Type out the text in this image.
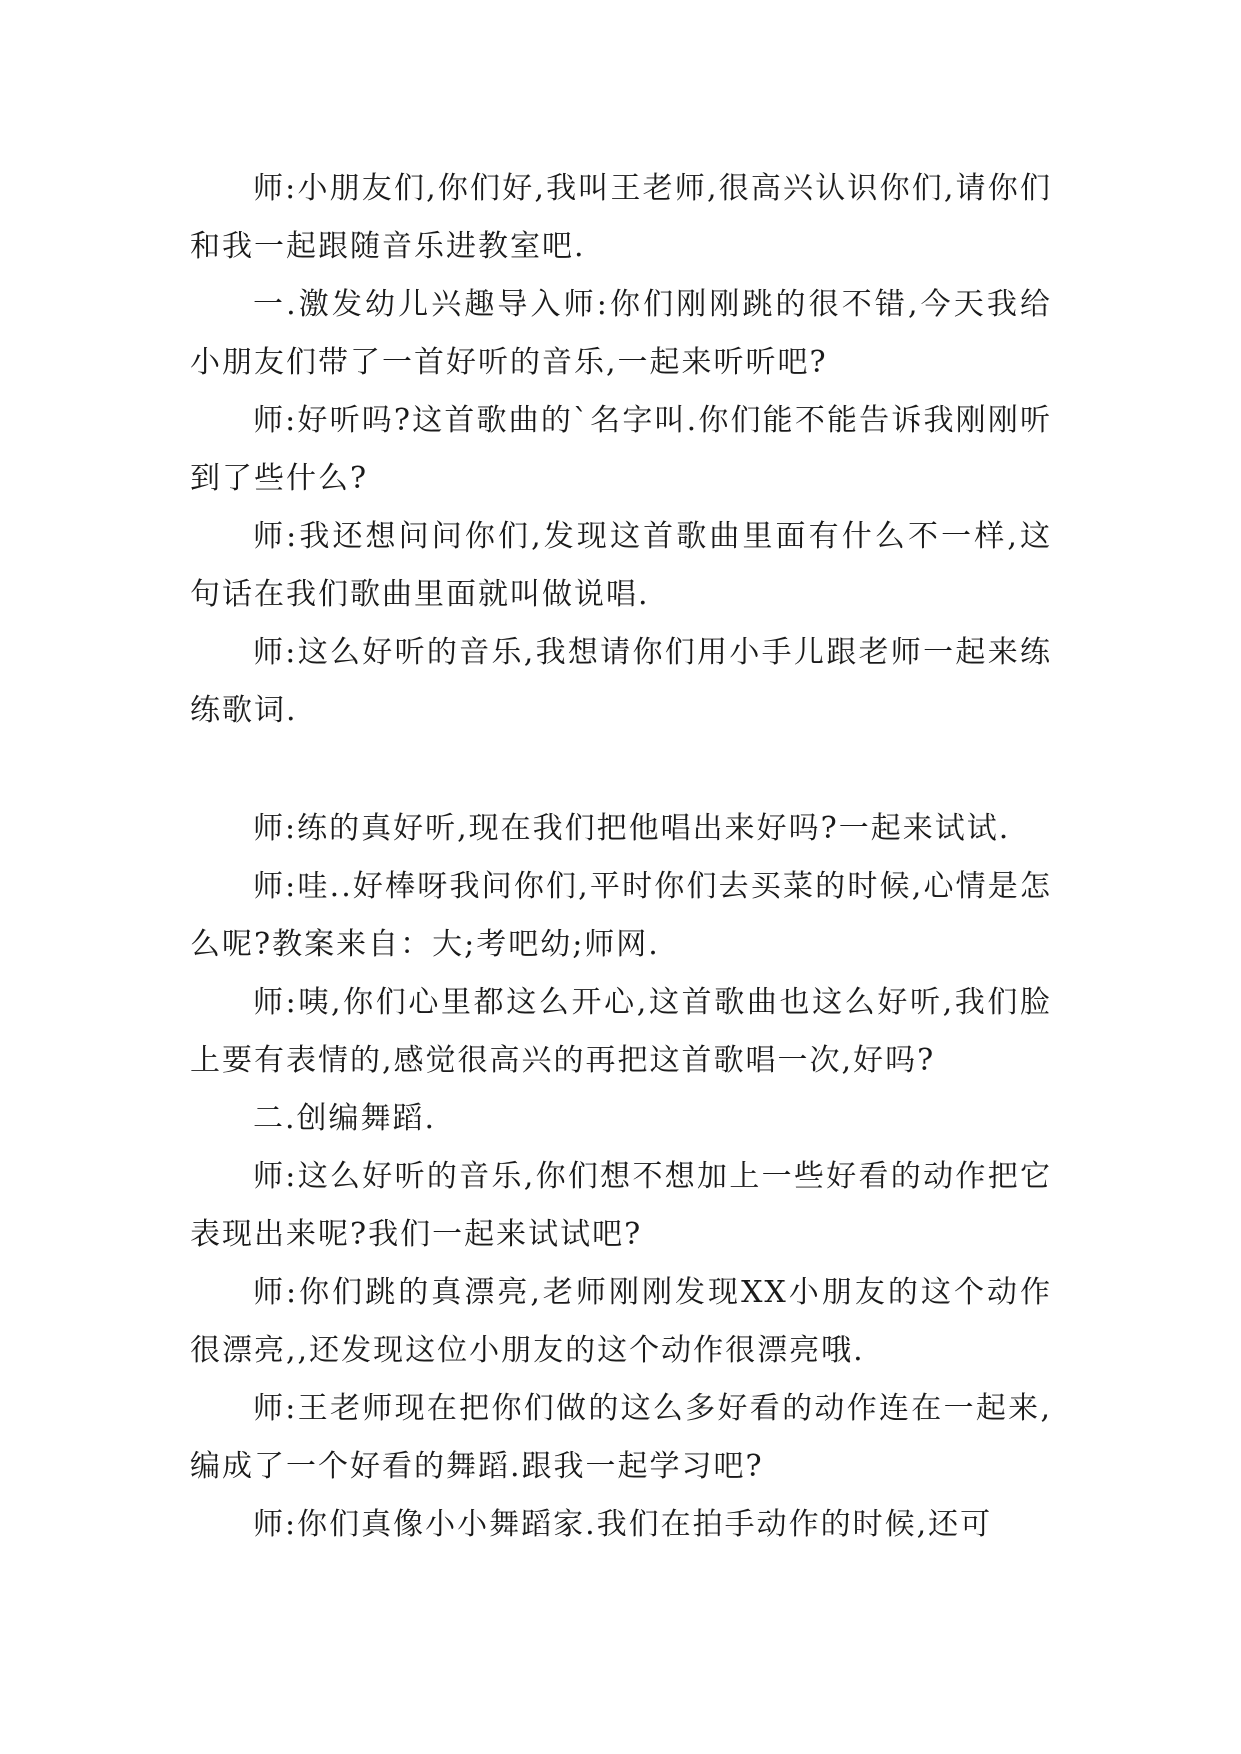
师:小朋友们,你们好,我叫王老师,很高兴认识你们,请你们和我一起跟随音乐进教室吧.

一.激发幼儿兴趣导入师:你们刚刚跳的很不错,今天我给小朋友们带了一首好听的音乐,一起来听听吧?

师:好听吗?这首歌曲的`名字叫.你们能不能告诉我刚刚听到了些什么?

师:我还想问问你们,发现这首歌曲里面有什么不一样,这句话在我们歌曲里面就叫做说唱.

师:这么好听的音乐,我想请你们用小手儿跟老师一起来练练歌词.

师:练的真好听,现在我们把他唱出来好吗?一起来试试.

师:哇..好棒呀我问你们,平时你们去买菜的时候,心情是怎么呢?教案来自：大;考吧幼;师网.

师:咦,你们心里都这么开心,这首歌曲也这么好听,我们脸上要有表情的,感觉很高兴的再把这首歌唱一次,好吗?

二.创编舞蹈.

师:这么好听的音乐,你们想不想加上一些好看的动作把它表现出来呢?我们一起来试试吧?

师:你们跳的真漂亮,老师刚刚发现XX小朋友的这个动作很漂亮,,还发现这位小朋友的这个动作很漂亮哦.

师:王老师现在把你们做的这么多好看的动作连在一起来,编成了一个好看的舞蹈.跟我一起学习吧?

师:你们真像小小舞蹈家.我们在拍手动作的时候,还可
